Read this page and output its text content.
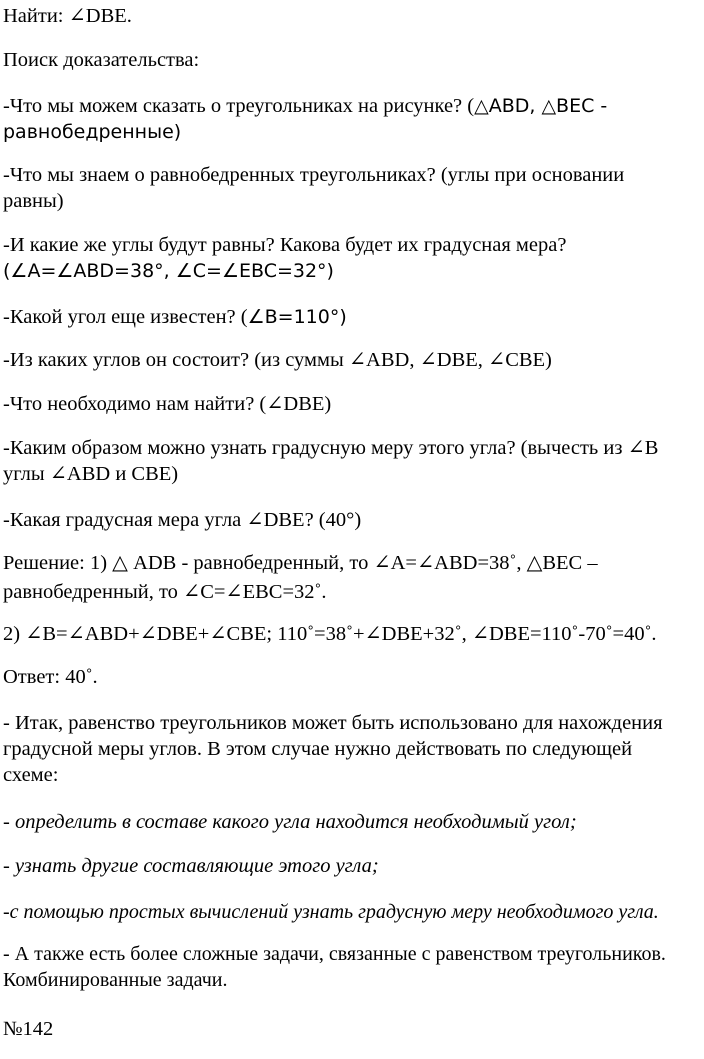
Найти: ∠DBE.

Поиск доказательства:

-Что мы можем сказать о треугольниках на рисунке? (△ABD, △BEC -
равнобедренные)

-Что мы знаем о равнобедренных треугольниках? (углы при основании
равны)

-И какие же углы будут равны? Какова будет их градусная мера?
(∠A=∠ABD=38°, ∠C=∠EBC=32°)

-Какой угол еще известен? (∠B=110°)

-Из каких углов он состоит? (из суммы ∠ABD, ∠DBE, ∠CBE)

-Что необходимо нам найти? (∠DBE)

-Каким образом можно узнать градусную меру этого угла? (вычесть из ∠B
углы ∠ABD и CBE)

-Какая градусная мера угла ∠DBE? (40°)

Решение: 1) △ ADB - равнобедренный, то ∠A=∠ABD=38˚, △BEC –
равнобедренный, то ∠C=∠EBC=32˚.

2) ∠B=∠ABD+∠DBE+∠CBE; 110˚=38˚+∠DBE+32˚, ∠DBE=110˚-70˚=40˚.

Ответ: 40˚.

- Итак, равенство треугольников может быть использовано для нахождения
градусной меры углов. В этом случае нужно действовать по следующей
схеме:

- определить в составе какого угла находится необходимый угол;

- узнать другие составляющие этого угла;

-с помощью простых вычислений узнать градусную меру необходимого угла.

- А также есть более сложные задачи, связанные с равенством треугольников.
Комбинированные задачи.

№142
